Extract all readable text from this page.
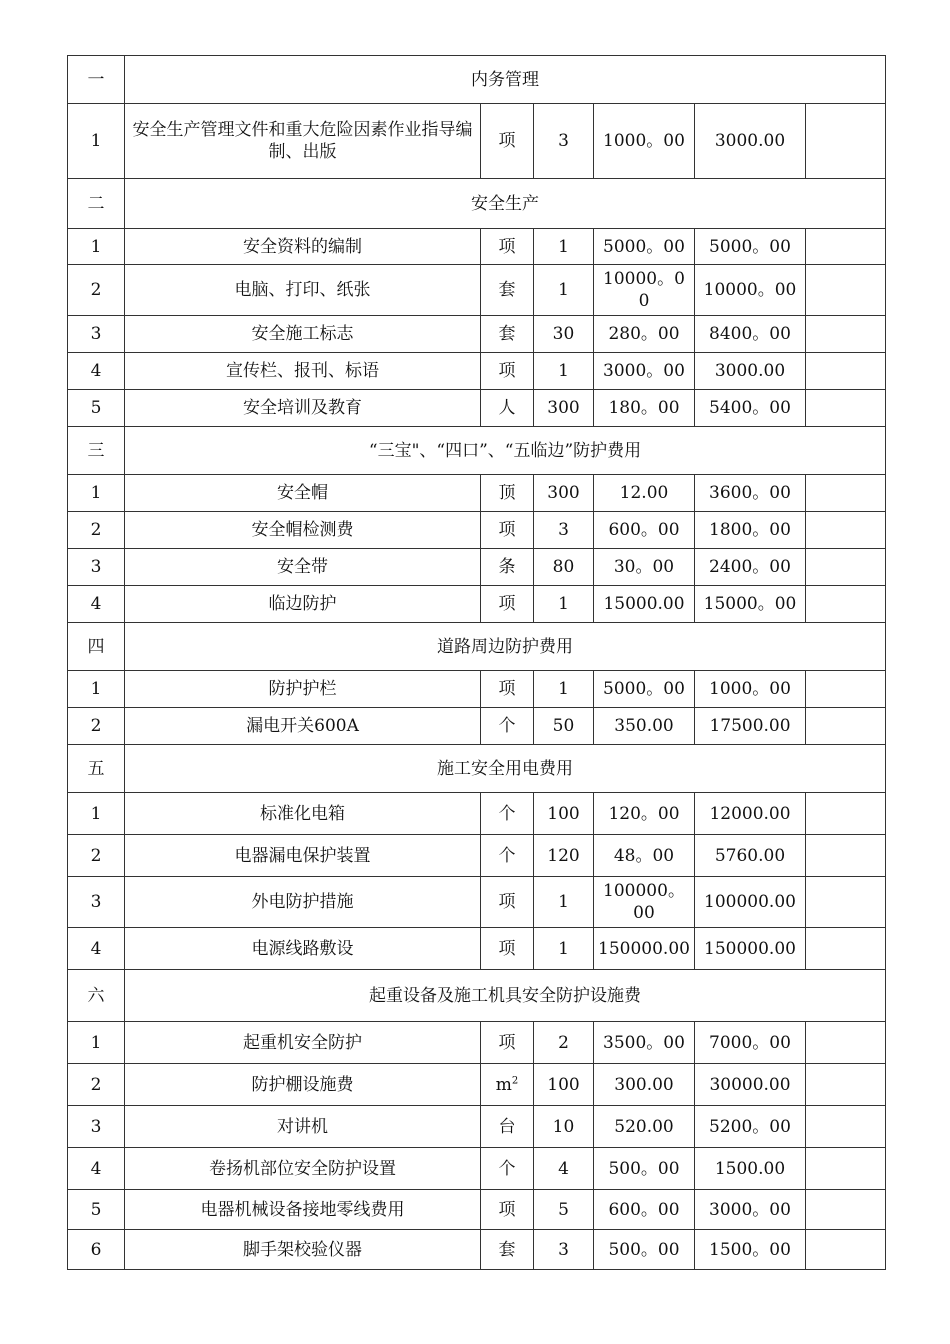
一	内务管理					
1	安全生产管理文件和重大危险因素作业指导编制、出版	项	3	1000。00	3000.00	
二	安全生产					
1	安全资料的编制	项	1	5000。00	5000。00	
2	电脑、打印、纸张	套	1	10000。00	10000。00	
3	安全施工标志	套	30	280。00	8400。00	
4	宣传栏、报刊、标语	项	1	3000。00	3000.00	
5	安全培训及教育	人	300	180。00	5400。00	
三	“三宝"、“四口”、“五临边”防护费用					
1	安全帽	顶	300	12.00	3600。00	
2	安全帽检测费	项	3	600。00	1800。00	
3	安全带	条	80	30。00	2400。00	
4	临边防护	项	1	15000.00	15000。00	
四	道路周边防护费用					
1	防护护栏	项	1	5000。00	1000。00	
2	漏电开关600A	个	50	350.00	17500.00	
五	施工安全用电费用					
1	标准化电箱	个	100	120。00	12000.00	
2	电器漏电保护装置	个	120	48。00	5760.00	
3	外电防护措施	项	1	100000。00	100000.00	
4	电源线路敷设	项	1	150000.00	150000.00	
六	起重设备及施工机具安全防护设施费					
1	起重机安全防护	项	2	3500。00	7000。00	
2	防护棚设施费	$m^2$	100	300.00	30000.00	
3	对讲机	台	10	520.00	5200。00	
4	卷扬机部位安全防护设置	个	4	500。00	1500.00	
5	电器机械设备接地零线费用	项	5	600。00	3000。00	
6	脚手架校验仪器	套	3	500。00	1500。00	
